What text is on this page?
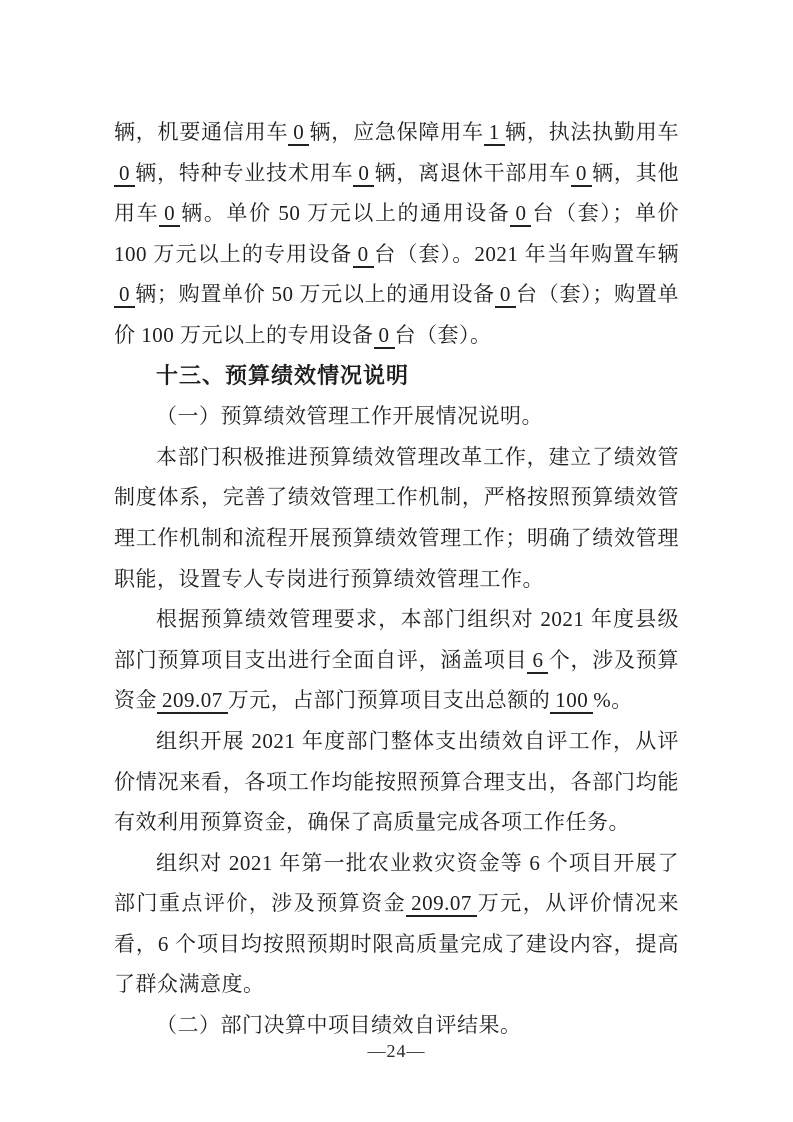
辆，机要通信用车 0 辆，应急保障用车 1 辆，执法执勤用车
0 辆，特种专业技术用车 0 辆，离退休干部用车 0 辆，其他
用车 0 辆。单价 50 万元以上的通用设备 0 台（套）；单价
100 万元以上的专用设备 0 台（套）。2021 年当年购置车辆
0 辆；购置单价 50 万元以上的通用设备 0 台（套）；购置单
价 100 万元以上的专用设备 0 台（套）。
十三、预算绩效情况说明
（一）预算绩效管理工作开展情况说明。
本部门积极推进预算绩效管理改革工作，建立了绩效管
制度体系，完善了绩效管理工作机制，严格按照预算绩效管
理工作机制和流程开展预算绩效管理工作；明确了绩效管理
职能，设置专人专岗进行预算绩效管理工作。
根据预算绩效管理要求，本部门组织对 2021 年度县级
部门预算项目支出进行全面自评，涵盖项目 6 个，涉及预算
资金 209.07 万元，占部门预算项目支出总额的 100 %。
组织开展 2021 年度部门整体支出绩效自评工作，从评
价情况来看，各项工作均能按照预算合理支出，各部门均能
有效利用预算资金，确保了高质量完成各项工作任务。
组织对 2021 年第一批农业救灾资金等 6 个项目开展了
部门重点评价，涉及预算资金 209.07 万元，从评价情况来
看，6 个项目均按照预期时限高质量完成了建设内容，提高
了群众满意度。
（二）部门决算中项目绩效自评结果。
—24—
